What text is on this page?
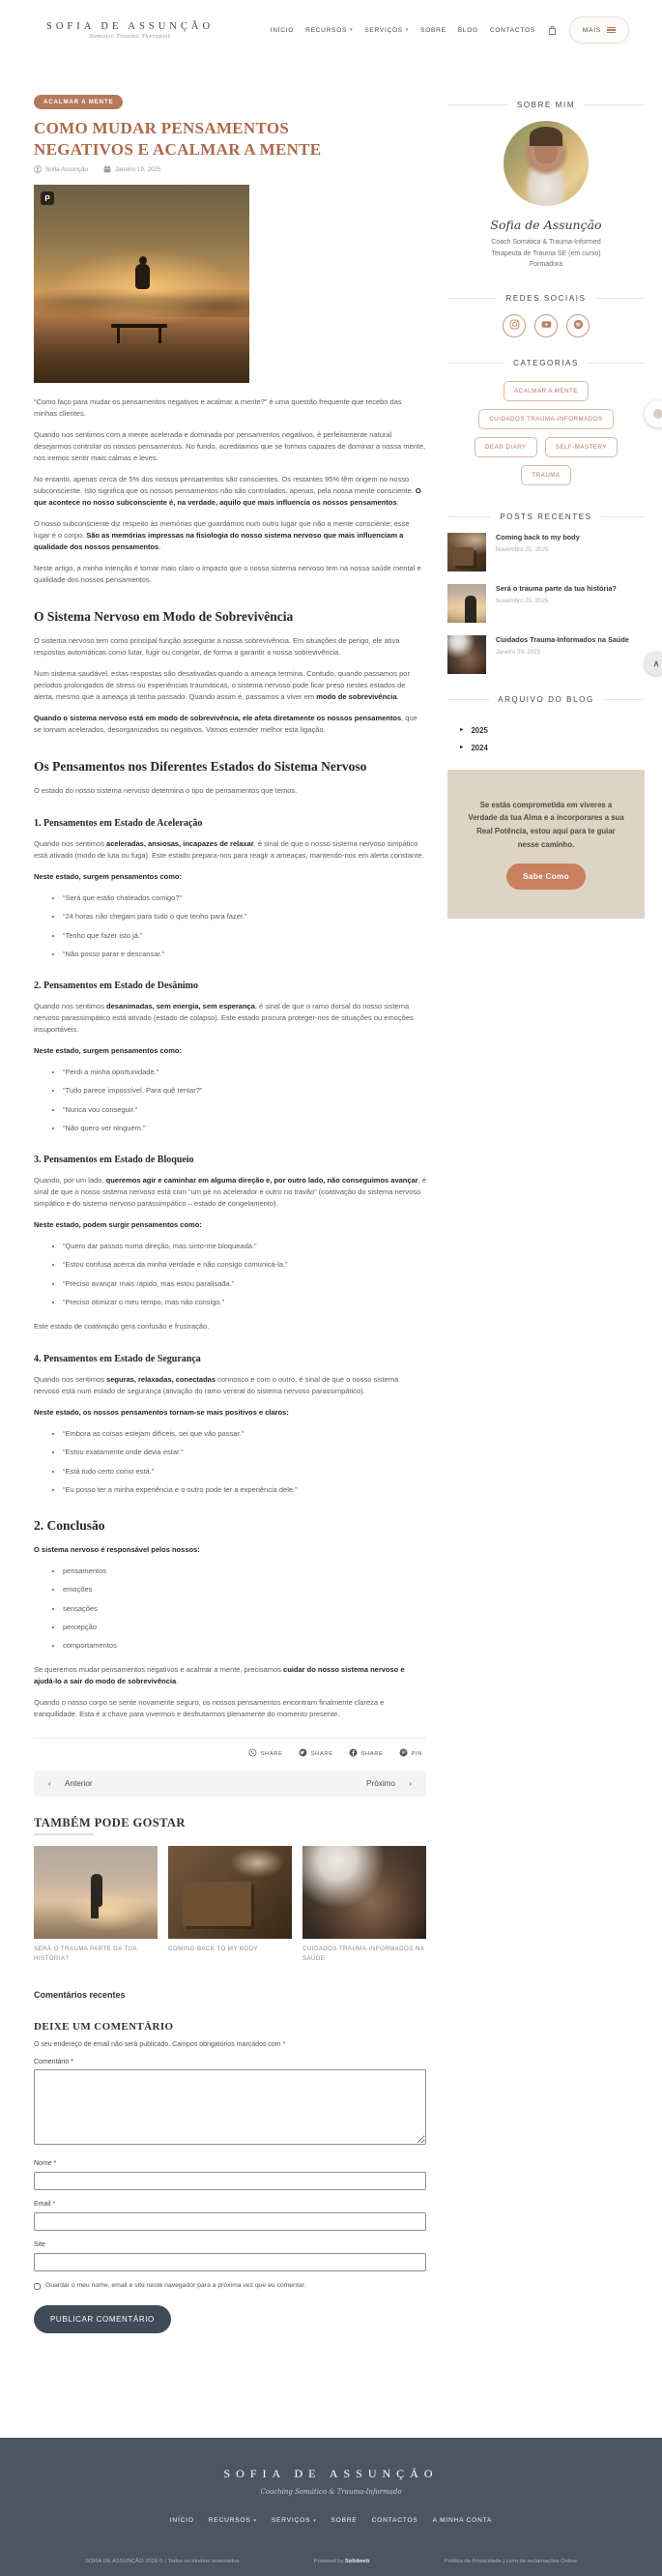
SOFIA DE ASSUNÇÃO
Somatic Trauma Therapist
INÍCIO RECURSOS ▾ SERVIÇOS ▾ SOBRE BLOG CONTACTOS	MAIS
ACALMAR A MENTE
COMO MUDAR PENSAMENTOS NEGATIVOS E ACALMAR A MENTE
Sofia Assunção	Janeiro 19, 2025
P

“Como faço para mudar os pensamentos negativos e acalmar a mente?” é uma questão frequente que recebo das minhas clientes.

Quando nos sentimos com a mente acelerada e dominada por pensamentos negativos, é perfeitamente natural desejarmos controlar os nossos pensamentos. No fundo, acreditamos que se formos capazes de dominar a nossa mente, nos iremos sentir mais calmas e leves.

No entanto, apenas cerca de 5% dos nossos pensamentos são conscientes. Os restantes 95% têm origem no nosso subconsciente. Isto significa que os nossos pensamentos não são controlados, apenas, pela nossa mente consciente. O que acontece no nosso subconsciente é, na verdade, aquilo que mais influencia os nossos pensamentos.

O nosso subconsciente diz respeito às memórias que guardámos num outro lugar que não a mente consciente; esse lugar é o corpo. São as memórias impressas na fisiologia do nosso sistema nervoso que mais influenciam a qualidade dos nossos pensamentos.

Neste artigo, a minha intenção é tornar mais claro o impacto que o nosso sistema nervoso tem na nossa saúde mental e qualidade dos nossos pensamentos.

O Sistema Nervoso em Modo de Sobrevivência

O sistema nervoso tem como principal função assegurar a nossa sobrevivência. Em situações de perigo, ele ativa respostas automáticas como lutar, fugir ou congelar, de forma a garantir a nossa sobrevivência.

Num sistema saudável, estas respostas são desativadas quando a ameaça termina. Contudo, quando passamos por períodos prolongados de stress ou experiências traumáticas, o sistema nervoso pode ficar preso nestes estados de alerta, mesmo que a ameaça já tenha passado. Quando assim é, passamos a viver em modo de sobrevivência.

Quando o sistema nervoso está em modo de sobrevivência, ele afeta diretamente os nossos pensamentos, que se tornam acelerados, desorganizados ou negativos. Vamos entender melhor esta ligação.

Os Pensamentos nos Diferentes Estados do Sistema Nervoso

O estado do nosso sistema nervoso determina o tipo de pensamentos que temos.

1. Pensamentos em Estado de Aceleração

Quando nos sentimos aceleradas, ansiosas, incapazes de relaxar, é sinal de que o nosso sistema nervoso simpático está ativado (modo de luta ou fuga). Este estado prepara-nos para reagir a ameaças, mantendo-nos em alerta constante.

Neste estado, surgem pensamentos como:

• “Será que estão chateados comigo?”
• “24 horas não chegam para tudo o que tenho para fazer.”
• “Tenho que fazer isto já.”
• “Não posso parar e descansar.”
2. Pensamentos em Estado de Desânimo

Quando nos sentimos desanimadas, sem energia, sem esperança, é sinal de que o ramo dorsal do nosso sistema nervoso parassimpático está ativado (estado de colapso). Este estado procura proteger-nos de situações ou emoções insuportáveis.

Neste estado, surgem pensamentos como:

• “Perdi a minha oportunidade.”
• “Tudo parece impossível. Para quê tentar?”
• “Nunca vou conseguir.”
• “Não quero ver ninguém.”
3. Pensamentos em Estado de Bloqueio

Quando, por um lado, queremos agir e caminhar em alguma direção e, por outro lado, não conseguimos avançar, é sinal de que o nosso sistema nervoso está com “um pé no acelerador e outro no travão” (coativação do sistema nervoso simpático e do sistema nervoso parassimpático – estado de congelamento).

Neste estado, podem surgir pensamentos como:

• “Quero dar passos numa direção, mas sinto-me bloqueada.”
• “Estou confusa acerca da minha verdade e não consigo comunicá-la.”
• “Preciso avançar mais rápido, mas estou paralisada.”
• “Preciso otimizar o meu tempo, mas não consigo.”

Este estado de coativação gera confusão e frustração.

4. Pensamentos em Estado de Segurança

Quando nos sentimos seguras, relaxadas, conectadas connosco e com o outro, é sinal de que o nosso sistema nervoso está num estado de segurança (ativação do ramo ventral do sistema nervoso parassimpático).

Neste estado, os nossos pensamentos tornam-se mais positivos e claros:

• “Embora as coisas estejam difíceis, sei que vão passar.”
• “Estou exatamente onde devia estar.”
• “Está tudo certo como está.”
• “Eu posso ter a minha experiência e o outro pode ter a experiência dele.”
2. Conclusão

O sistema nervoso é responsável pelos nossos:

• pensamentos
• emoções
• sensações
• percepção
• comportamentos

Se queremos mudar pensamentos negativos e acalmar a mente, precisamos cuidar do nosso sistema nervoso e ajudá-lo a sair do modo de sobrevivência.

Quando o nosso corpo se sente novamente seguro, os nossos pensamentos encontram finalmente clareza e tranquilidade. Esta é a chave para vivermos e desfrutarmos plenamente do momento presente.

SHARE	SHARE	SHARE	PIN
‹
Anterior	Próximo
›
TAMBÉM PODE GOSTAR
SERÁ O TRAUMA PARTE DA TUA HISTÓRIA?
COMING BACK TO MY BODY	CUIDADOS TRAUMA-INFORMADOS NA SAÚDE
Comentários recentes
DEIXE UM COMENTÁRIO

O seu endereço de email não será publicado. Campos obrigatórios marcados com *

Comentário *
Nome *
Email *
Site
Guardar o meu nome, email e site neste navegador para a próxima vez que eu comentar.
PUBLICAR COMENTÁRIO
SOBRE MIM
Sofia de Assunção
Coach Somática & Trauma-Informed
Terapeuta de Trauma SE (em curso)
Formadora
REDES SOCIAIS
CATEGORIAS
ACALMAR A MENTE
CUIDADOS TRAUMA-INFORMADOS
DEAR DIARY	SELF-MASTERY
TRAUMA
POSTS RECENTES
Coming back to my body
Novembro 25, 2025
Será o trauma parte da tua história?
Novembro 25, 2025
Cuidados Trauma-Informados na Saúde
Janeiro 29, 2025
ARQUIVO DO BLOG
► 2025
► 2024
Se estás comprometida em viveres a Verdade da tua Alma e a incorporares a sua Real Potência, estou aqui para te guiar nesse caminho.
Sabe Como
SOFIA DE ASSUNÇÃO
Coaching Somático & Trauma-Informado
INÍCIO RECURSOS ▾ SERVIÇOS ▾ SOBRE CONTACTOS A MINHA CONTA
SOFIA DE ASSUNÇÃO 2026 © | Todos os direitos reservados	Powered by Solidweb	Política de Privacidade | Livro de reclamações Online
∧
